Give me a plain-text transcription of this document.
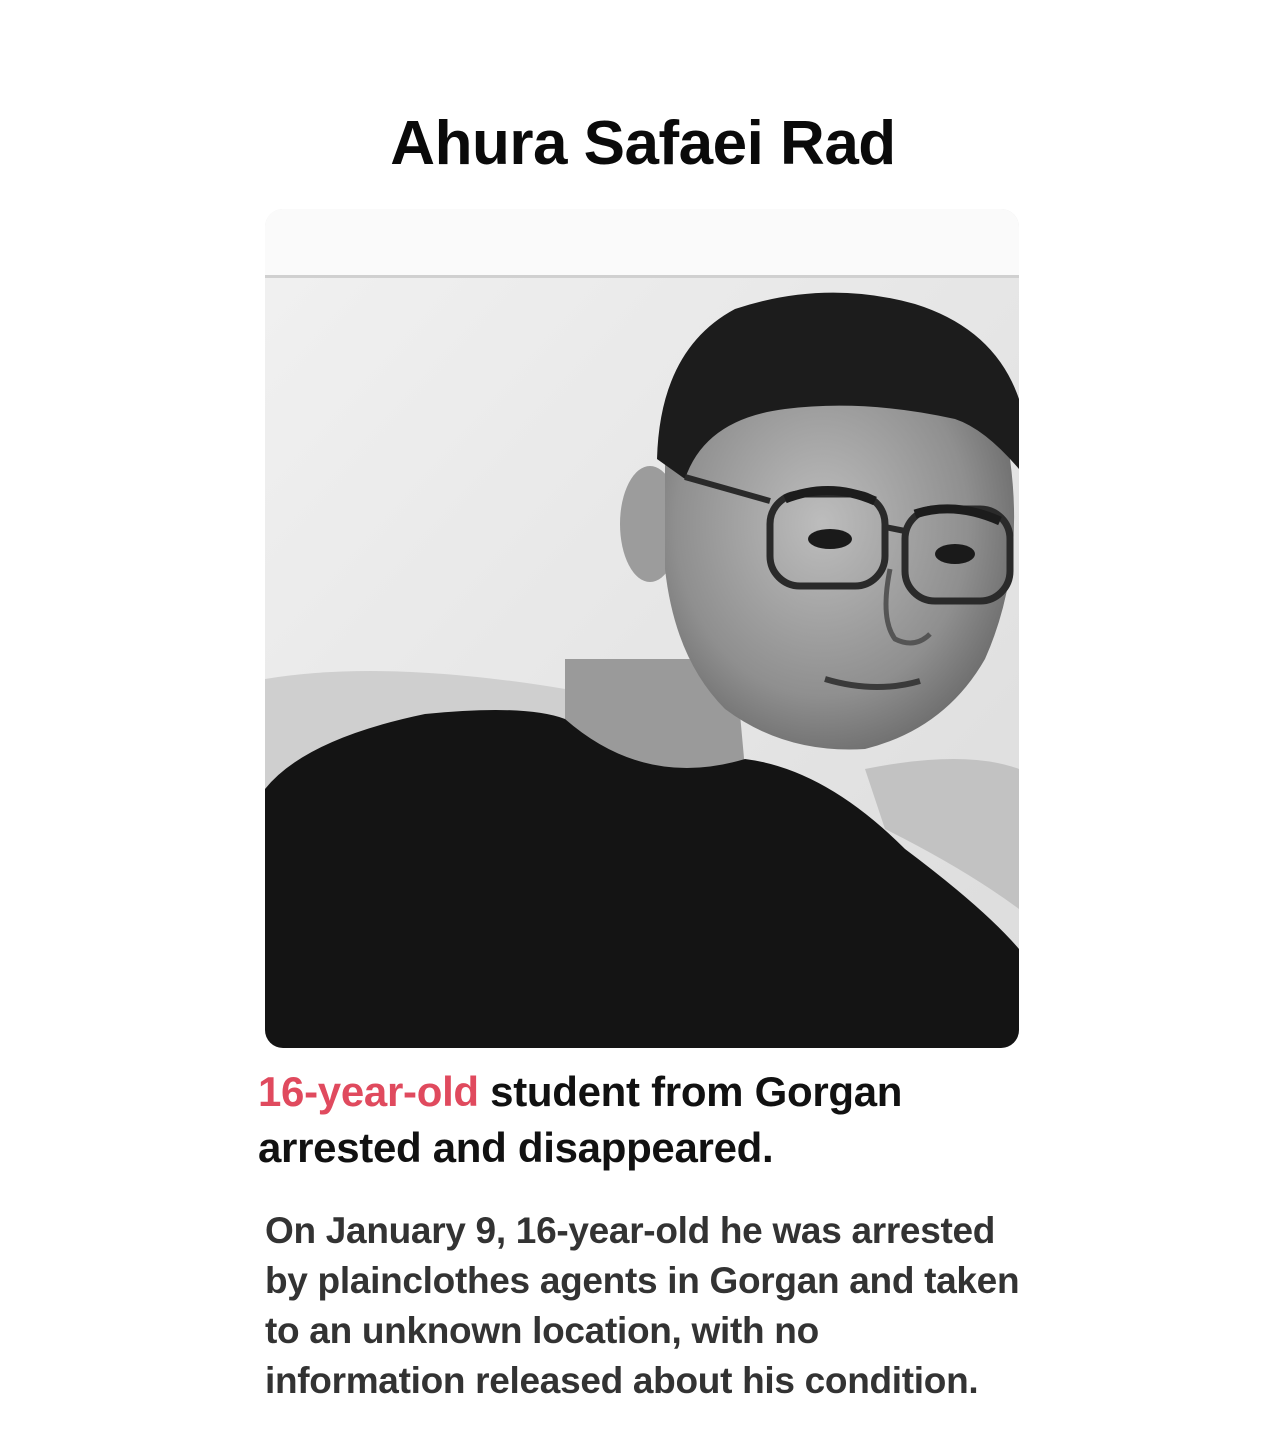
Ahura Safaei Rad
16-year-old student from Gorgan arrested and disappeared.
On January 9, 16-year-old he was arrested by plainclothes agents in Gorgan and taken to an unknown location, with no information released about his condition.
